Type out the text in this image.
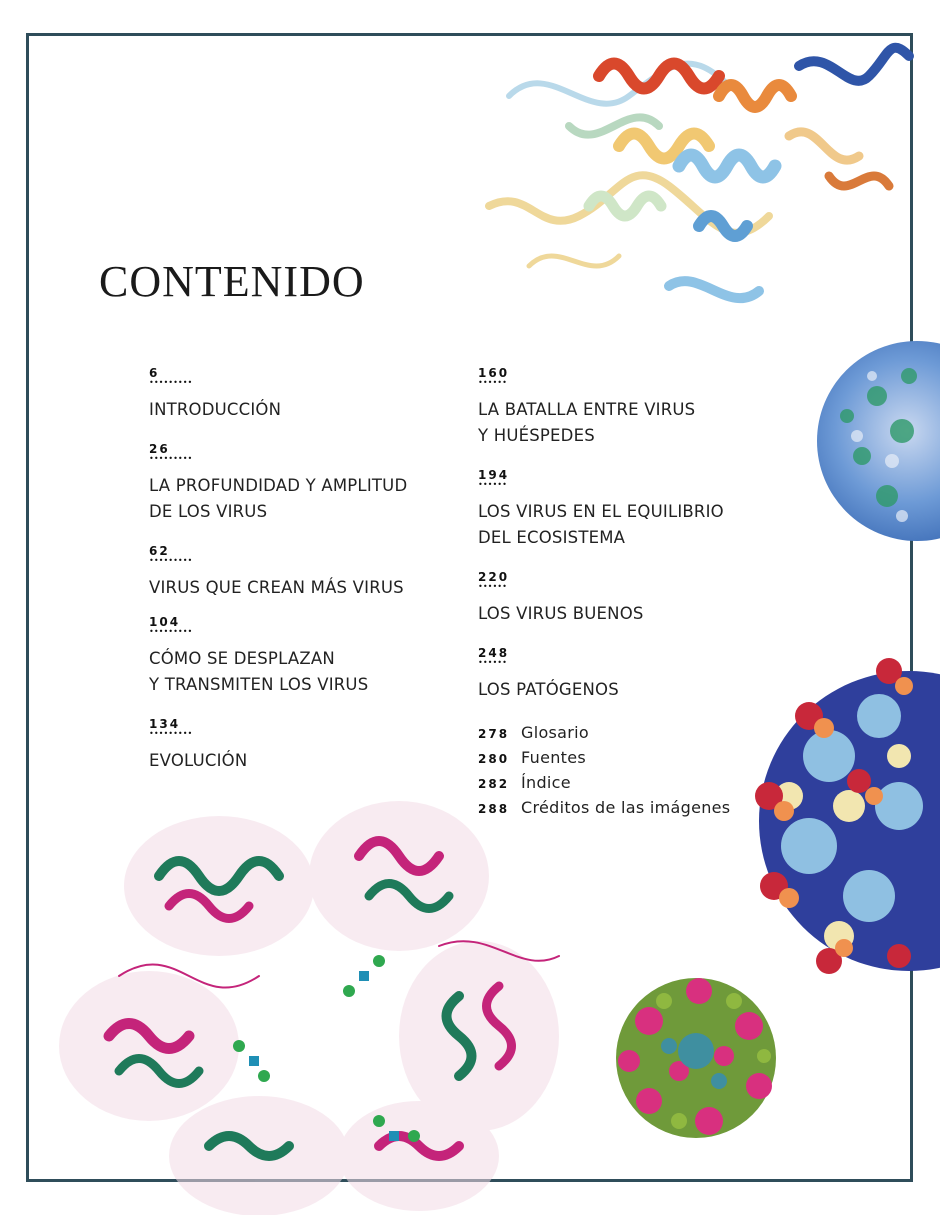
CONTENIDO
6
•••••••••
INTRODUCCIÓN
26
•••••••••
LA PROFUNDIDAD Y AMPLITUD
DE LOS VIRUS
62
•••••••••
VIRUS QUE CREAN MÁS VIRUS
104
•••••••••
CÓMO SE DESPLAZAN
Y TRANSMITEN LOS VIRUS
134
•••••••••
EVOLUCIÓN
160
••••••
LA BATALLA ENTRE VIRUS
Y HUÉSPEDES
194
••••••
LOS VIRUS EN EL EQUILIBRIO
DEL ECOSISTEMA
220
••••••
LOS VIRUS BUENOS
248
••••••
LOS PATÓGENOS
278 Glosario
280 Fuentes
282 Índice
288 Créditos de las imágenes
